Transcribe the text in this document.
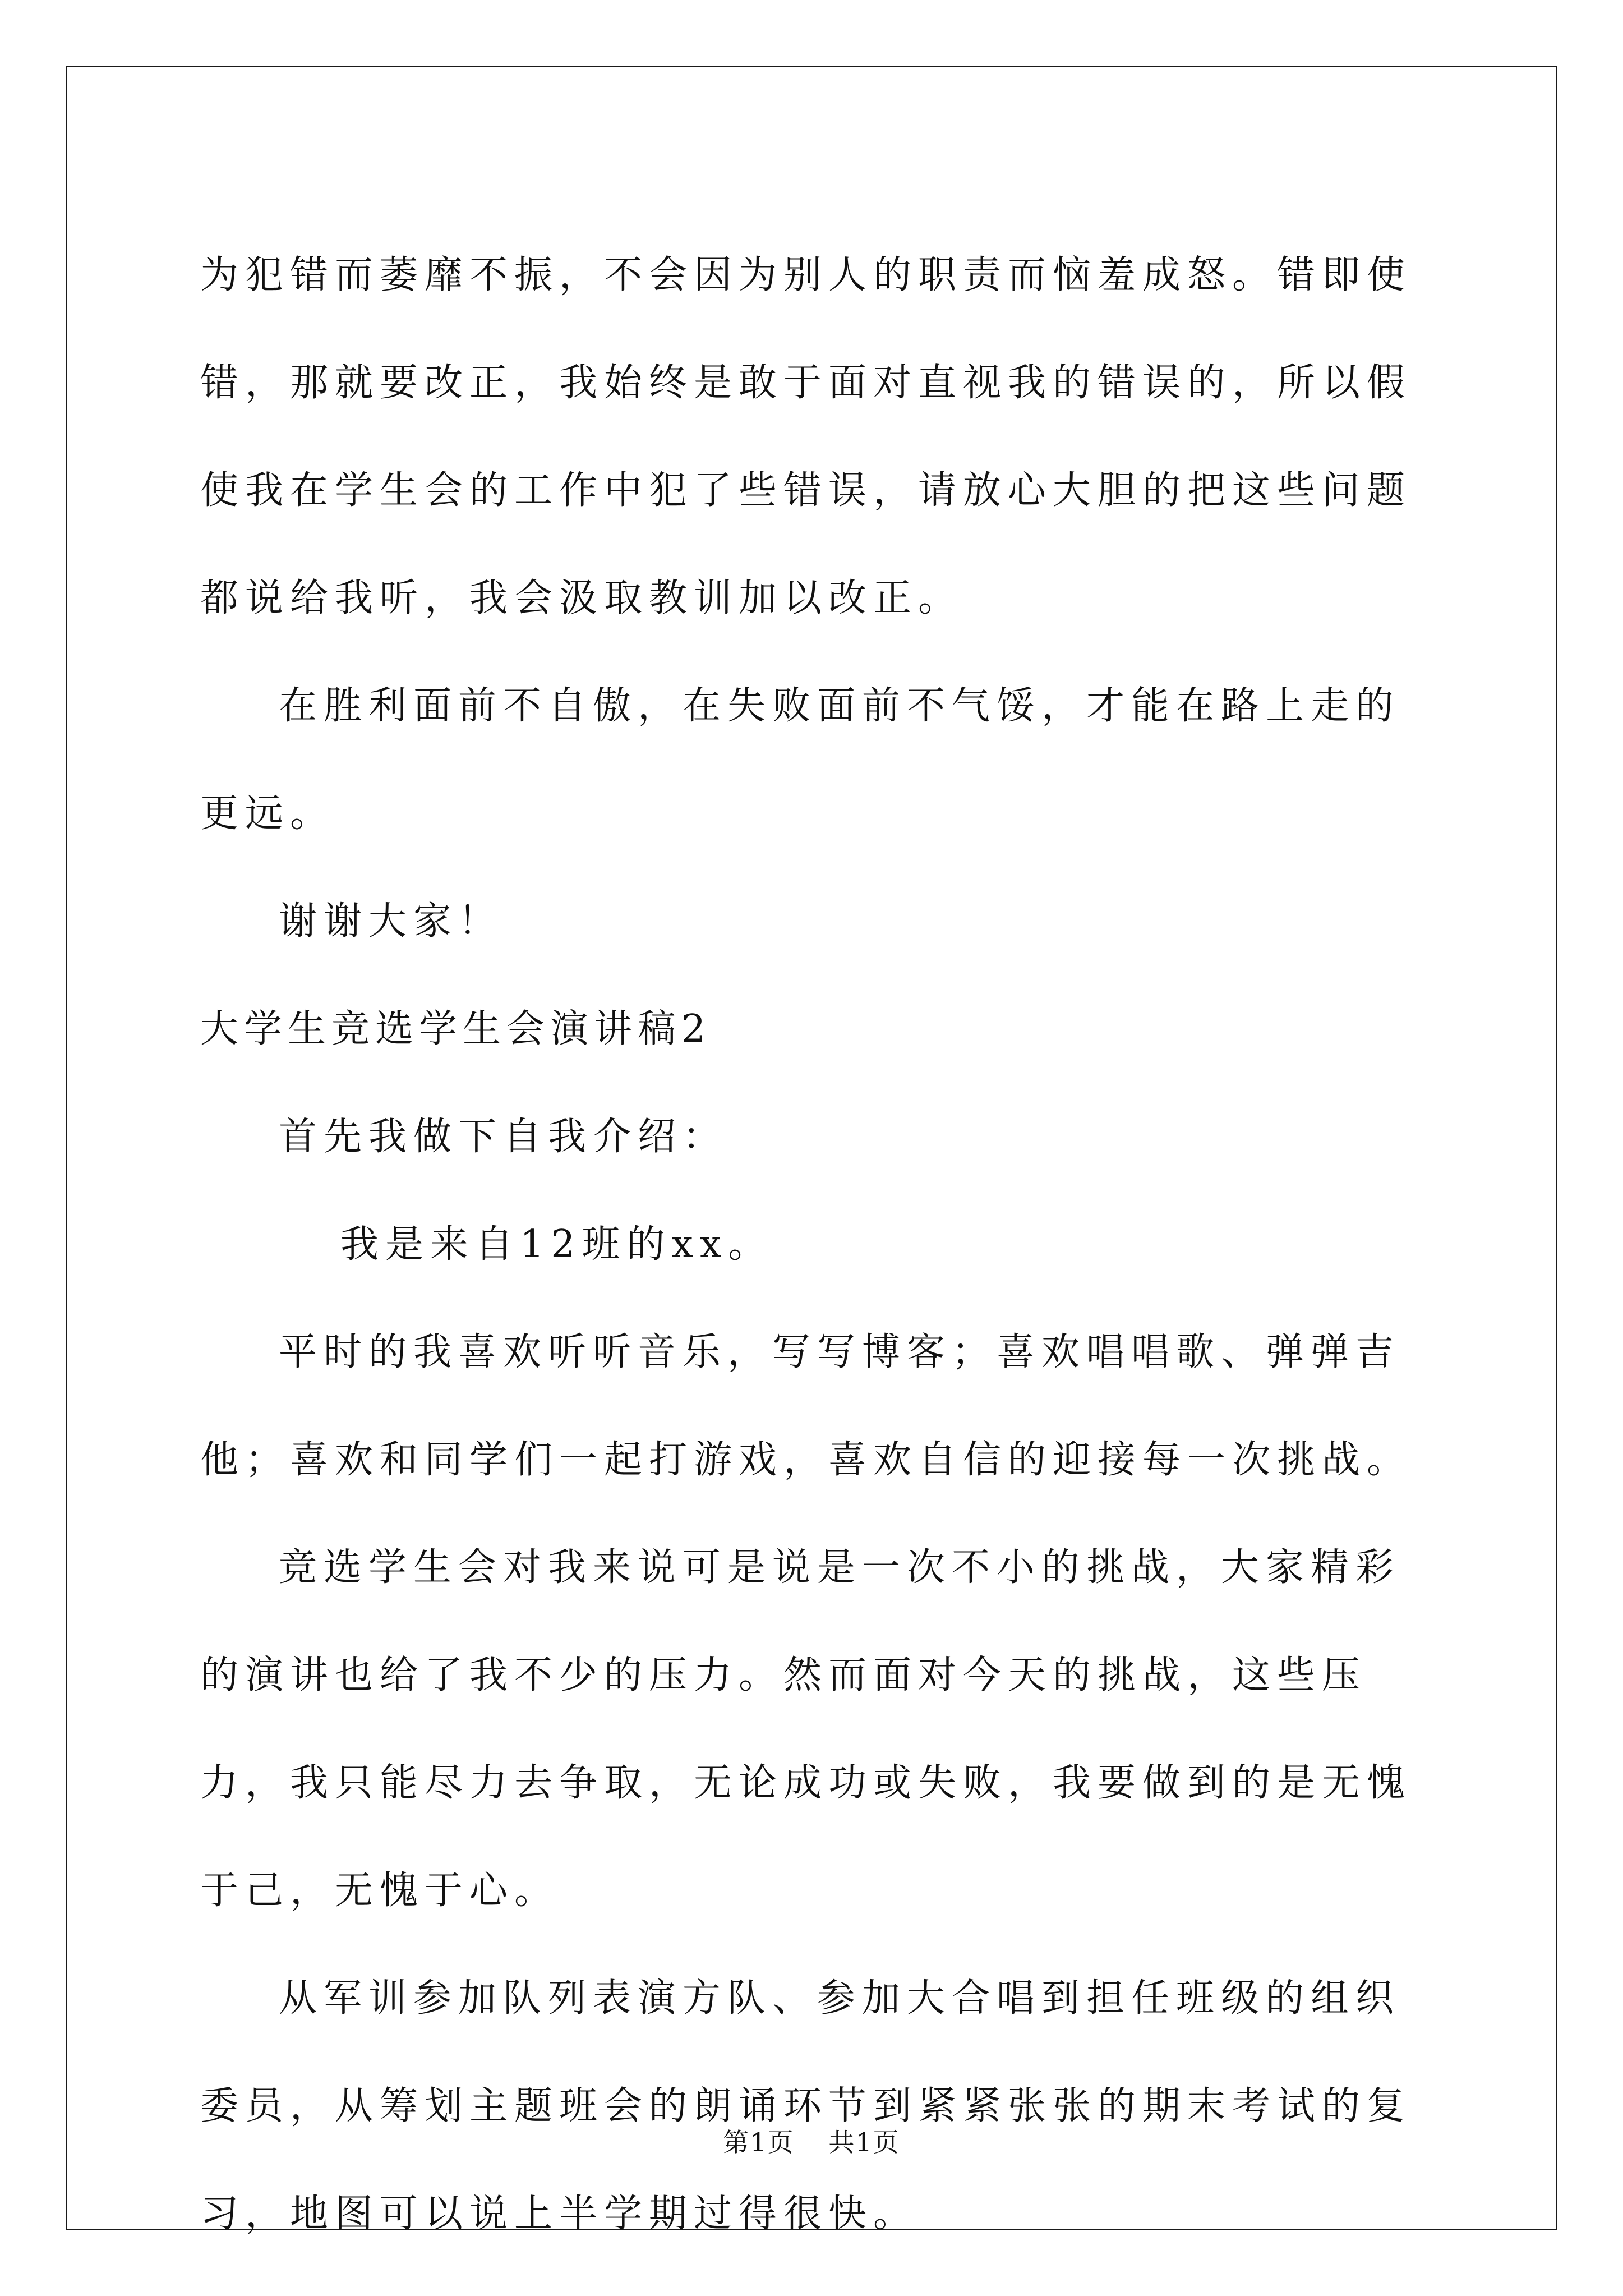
为犯错而萎靡不振，不会因为别人的职责而恼羞成怒。错即使错，那就要改正，我始终是敢于面对直视我的错误的，所以假使我在学生会的工作中犯了些错误，请放心大胆的把这些问题都说给我听，我会汲取教训加以改正。

在胜利面前不自傲，在失败面前不气馁，才能在路上走的更远。

谢谢大家！

大学生竞选学生会演讲稿2

首先我做下自我介绍：

我是来自12班的xx。

平时的我喜欢听听音乐，写写博客；喜欢唱唱歌、弹弹吉他；喜欢和同学们一起打游戏，喜欢自信的迎接每一次挑战。

竞选学生会对我来说可是说是一次不小的挑战，大家精彩的演讲也给了我不少的压力。然而面对今天的挑战，这些压力，我只能尽力去争取，无论成功或失败，我要做到的是无愧于己，无愧于心。

从军训参加队列表演方队、参加大合唱到担任班级的组织委员，从筹划主题班会的朗诵环节到紧紧张张的期末考试的复习，地图可以说上半学期过得很快。

第1页 共1页
